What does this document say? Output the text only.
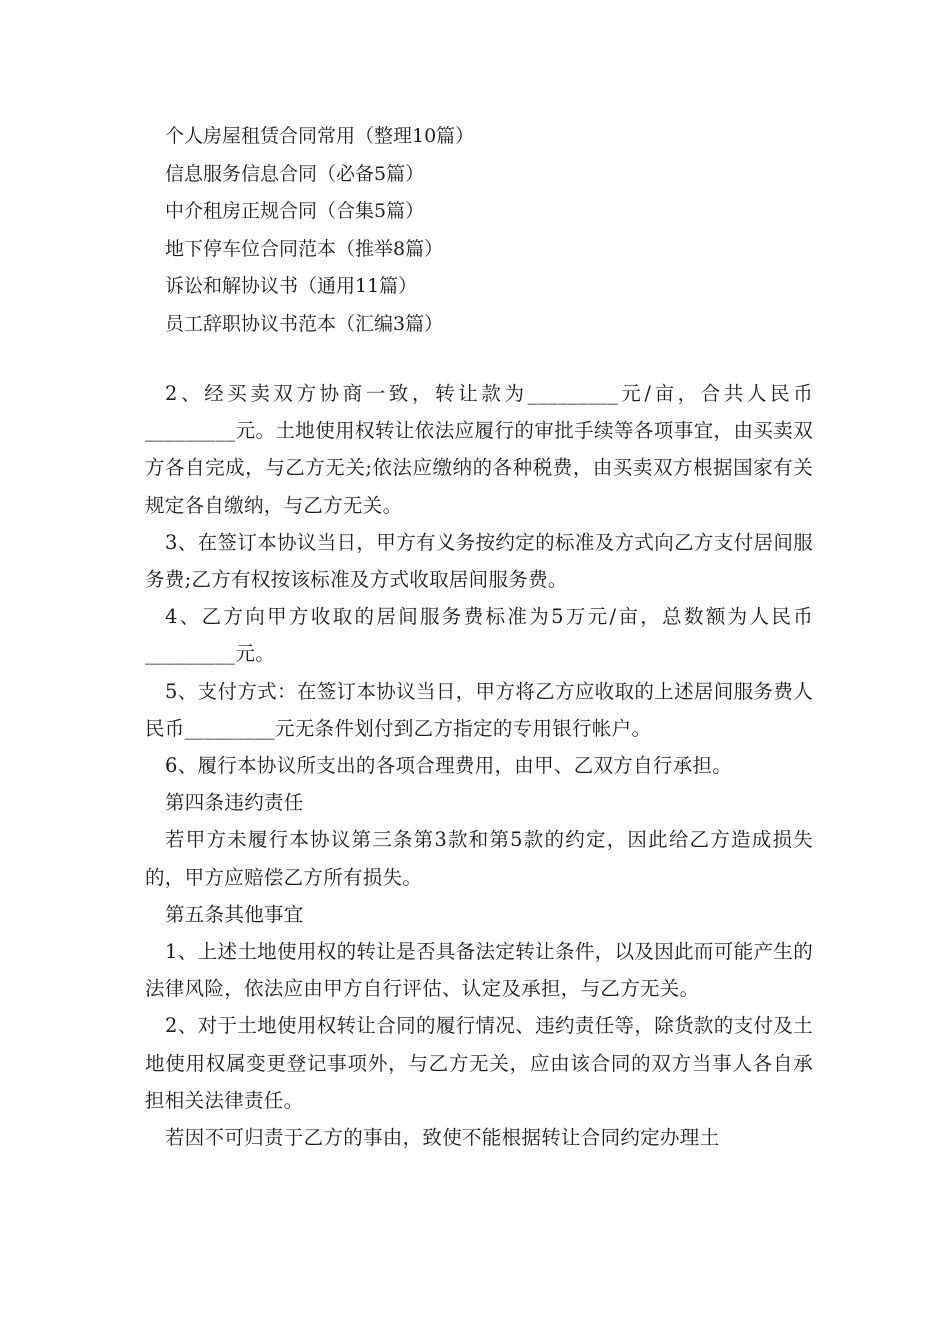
个人房屋租赁合同常用（整理10篇）
信息服务信息合同（必备5篇）
中介租房正规合同（合集5篇）
地下停车位合同范本（推举8篇）
诉讼和解协议书（通用11篇）
员工辞职协议书范本（汇编3篇）

2、经买卖双方协商一致，转让款为_________元/亩，合共人民币_________元。土地使用权转让依法应履行的审批手续等各项事宜，由买卖双方各自完成，与乙方无关;依法应缴纳的各种税费，由买卖双方根据国家有关规定各自缴纳，与乙方无关。

3、在签订本协议当日，甲方有义务按约定的标准及方式向乙方支付居间服务费;乙方有权按该标准及方式收取居间服务费。

4、乙方向甲方收取的居间服务费标准为5万元/亩，总数额为人民币_________元。

5、支付方式：在签订本协议当日，甲方将乙方应收取的上述居间服务费人民币_________元无条件划付到乙方指定的专用银行帐户。

6、履行本协议所支出的各项合理费用，由甲、乙双方自行承担。

第四条违约责任

若甲方未履行本协议第三条第3款和第5款的约定，因此给乙方造成损失的，甲方应赔偿乙方所有损失。

第五条其他事宜

1、上述土地使用权的转让是否具备法定转让条件，以及因此而可能产生的法律风险，依法应由甲方自行评估、认定及承担，与乙方无关。

2、对于土地使用权转让合同的履行情况、违约责任等，除货款的支付及土地使用权属变更登记事项外，与乙方无关，应由该合同的双方当事人各自承担相关法律责任。

若因不可归责于乙方的事由，致使不能根据转让合同约定办理土
